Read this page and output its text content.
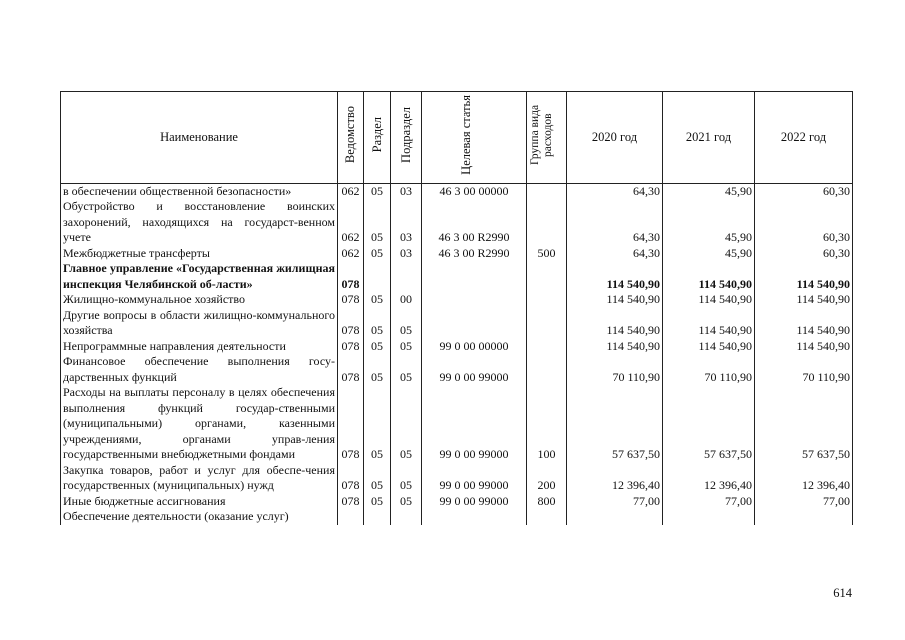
Наименование	Ведомство	Раздел	Подраздел	Целевая статья	Группа вида расходов	2020 год	2021 год	2022 год
в обеспечении общественной безопасности»	062	05	03	46 3 00 00000		64,30	45,90	60,30
Обустройство и восстановление воинских захоронений, находящихся на государст-венном учете	062	05	03	46 3 00 R2990		64,30	45,90	60,30
Межбюджетные трансферты	062	05	03	46 3 00 R2990	500	64,30	45,90	60,30
Главное управление «Государственная жилищная инспекция Челябинской об-ласти»	078					114 540,90	114 540,90	114 540,90
Жилищно-коммунальное хозяйство	078	05	00			114 540,90	114 540,90	114 540,90
Другие вопросы в области жилищно-коммунального хозяйства	078	05	05			114 540,90	114 540,90	114 540,90
Непрограммные направления деятельности	078	05	05	99 0 00 00000		114 540,90	114 540,90	114 540,90
Финансовое обеспечение выполнения госу-дарственных функций	078	05	05	99 0 00 99000		70 110,90	70 110,90	70 110,90
Расходы на выплаты персоналу в целях обеспечения выполнения функций государ-ственными (муниципальными) органами, казенными учреждениями, органами управ-ления государственными внебюджетными фондами	078	05	05	99 0 00 99000	100	57 637,50	57 637,50	57 637,50
Закупка товаров, работ и услуг для обеспе-чения государственных (муниципальных) нужд	078	05	05	99 0 00 99000	200	12 396,40	12 396,40	12 396,40
Иные бюджетные ассигнования	078	05	05	99 0 00 99000	800	77,00	77,00	77,00
Обеспечение деятельности (оказание услуг)								
614
